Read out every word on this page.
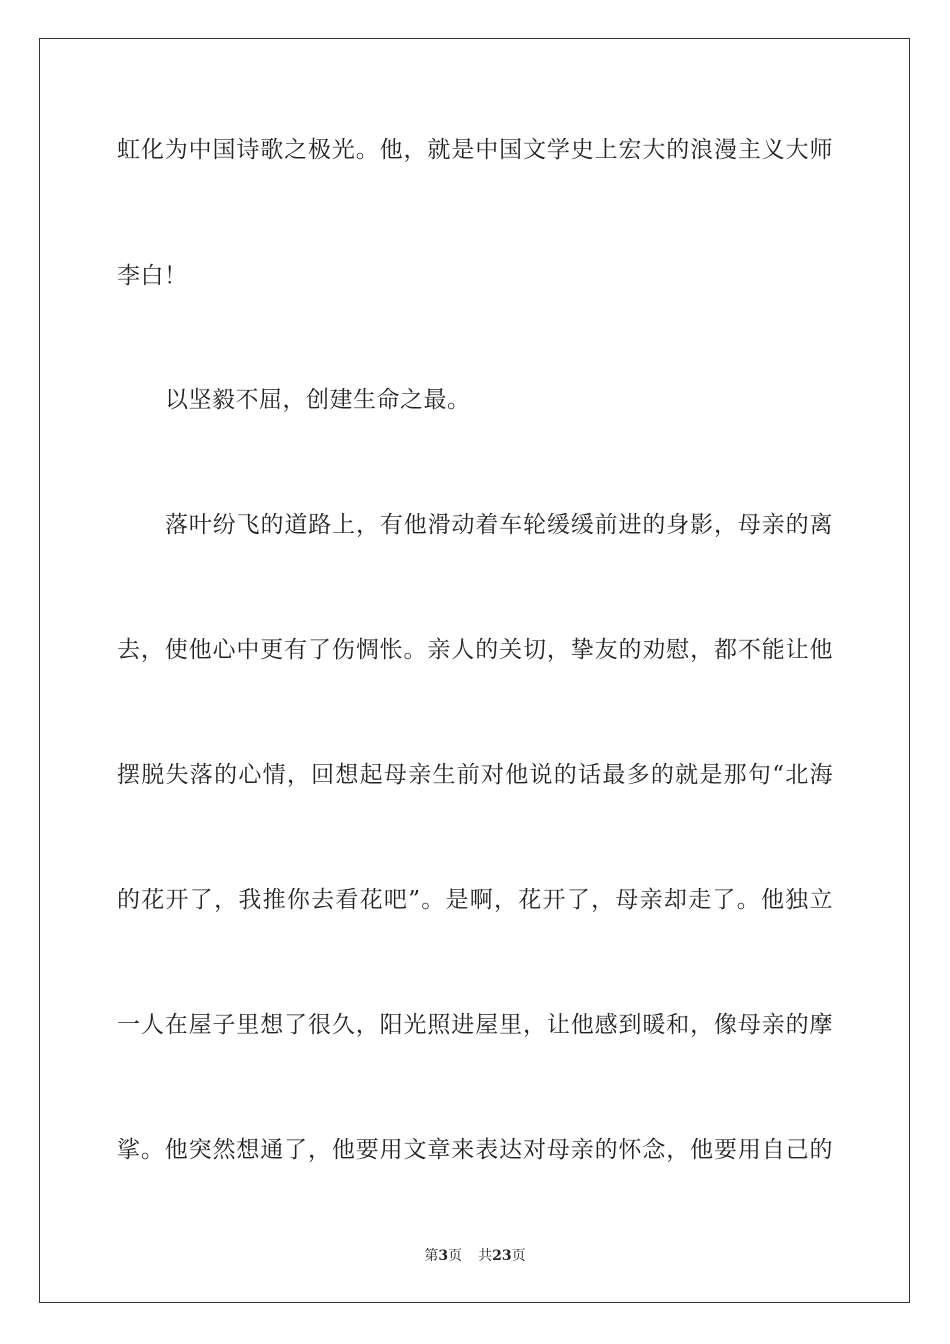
虹化为中国诗歌之极光。他，就是中国文学史上宏大的浪漫主义大师
李白！
以坚毅不屈，创建生命之最。
落叶纷飞的道路上，有他滑动着车轮缓缓前进的身影，母亲的离
去，使他心中更有了伤惆怅。亲人的关切，挚友的劝慰，都不能让他
摆脱失落的心情，回想起母亲生前对他说的话最多的就是那句“北海
的花开了，我推你去看花吧”。是啊，花开了，母亲却走了。他独立
一人在屋子里想了很久，阳光照进屋里，让他感到暖和，像母亲的摩
挲。他突然想通了，他要用文章来表达对母亲的怀念，他要用自己的
第3页 共23页
